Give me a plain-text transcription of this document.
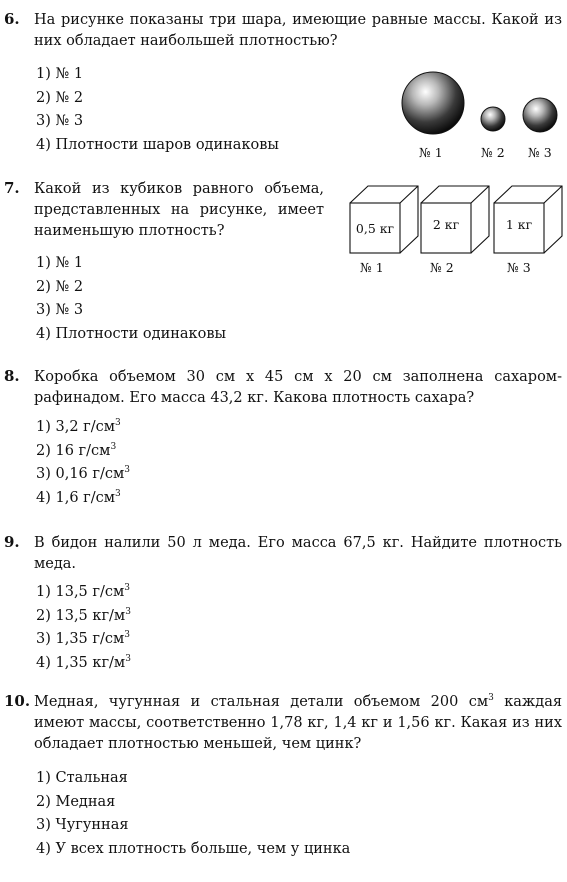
6. На рисунке показаны три шара, имеющие равные массы. Какой из них обладает наибольшей плотностью?
1) № 1
2) № 2
3) № 3
4) Плотности шаров одинаковы	№ 1	№ 2 № 3
7. Какой из кубиков равного объема, представленных на рисунке, имеет наименьшую плотность?
1) № 1
2) № 2
3) № 3
4) Плотности одинаковы
0,5 кг	2 кг	1 кг
№ 1	№ 2	№ 3
8. Коробка объемом 30 см х 45 см х 20 см заполнена сахаром-рафинадом. Его масса 43,2 кг. Какова плотность сахара?
1) 3,2 $г/см^3$
2) 16 $г/см^3$
3) 0,16 $г/см^3$
4) 1,6 $г/см^3$
9. В бидон налили 50 л меда. Его масса 67,5 кг. Найдите плотность меда.
1) 13,5 $г/см^3$
2) 13,5 $кг/м^3$
3) 1,35 $г/см^3$
4) 1,35 $кг/м^3$
10. Медная, чугунная и стальная детали объемом 200 $см^3$ каждая имеют массы, соответственно 1,78 кг, 1,4 кг и 1,56 кг. Какая из них обладает плотностью меньшей, чем цинк?
1) Стальная
2) Медная
3) Чугунная
4) У всех плотность больше, чем у цинка
